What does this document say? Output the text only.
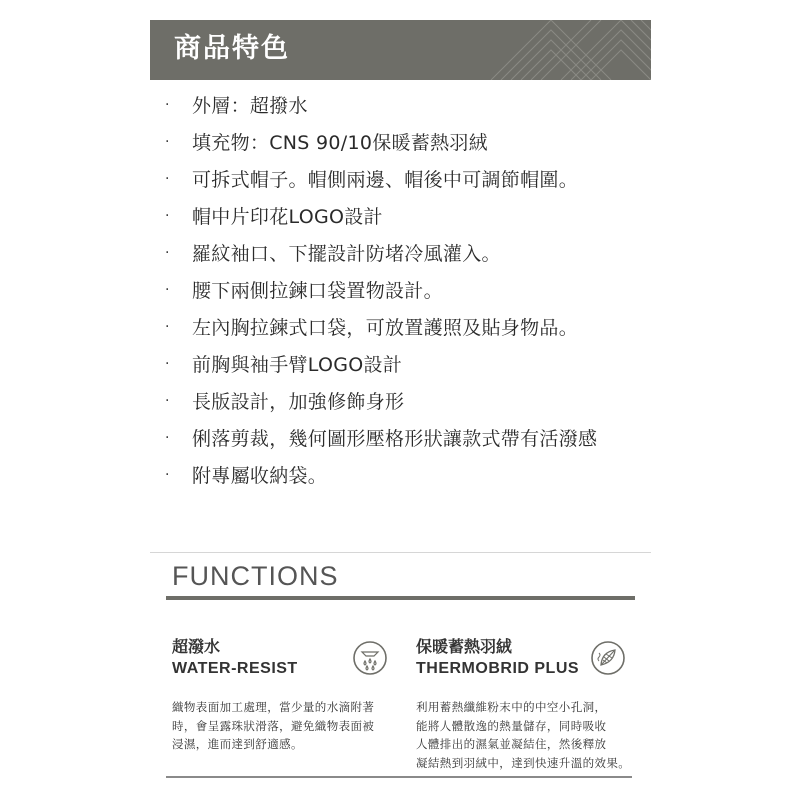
商品特色
·	外層：超撥水
·	填充物：CNS 90/10保暖蓄熱羽絨
·	可拆式帽子。帽側兩邊、帽後中可調節帽圍。
·	帽中片印花LOGO設計
·	羅紋袖口、下擺設計防堵冷風灌入。
·	腰下兩側拉鍊口袋置物設計。
·	左內胸拉鍊式口袋，可放置護照及貼身物品。
·	前胸與袖手臂LOGO設計
·	長版設計，加強修飾身形
·	俐落剪裁，幾何圖形壓格形狀讓款式帶有活潑感
·	附專屬收納袋。
FUNCTIONS
超潑水
WATER-RESIST
織物表面加工處理，當少量的水滴附著
時，會呈露珠狀滑落，避免織物表面被
浸濕，進而達到舒適感。
保暖蓄熱羽絨
THERMOBRID PLUS
利用蓄熱纖維粉末中的中空小孔洞，
能將人體散逸的熱量儲存，同時吸收
人體排出的濕氣並凝結住，然後釋放
凝結熱到羽絨中，達到快速升溫的效果。
